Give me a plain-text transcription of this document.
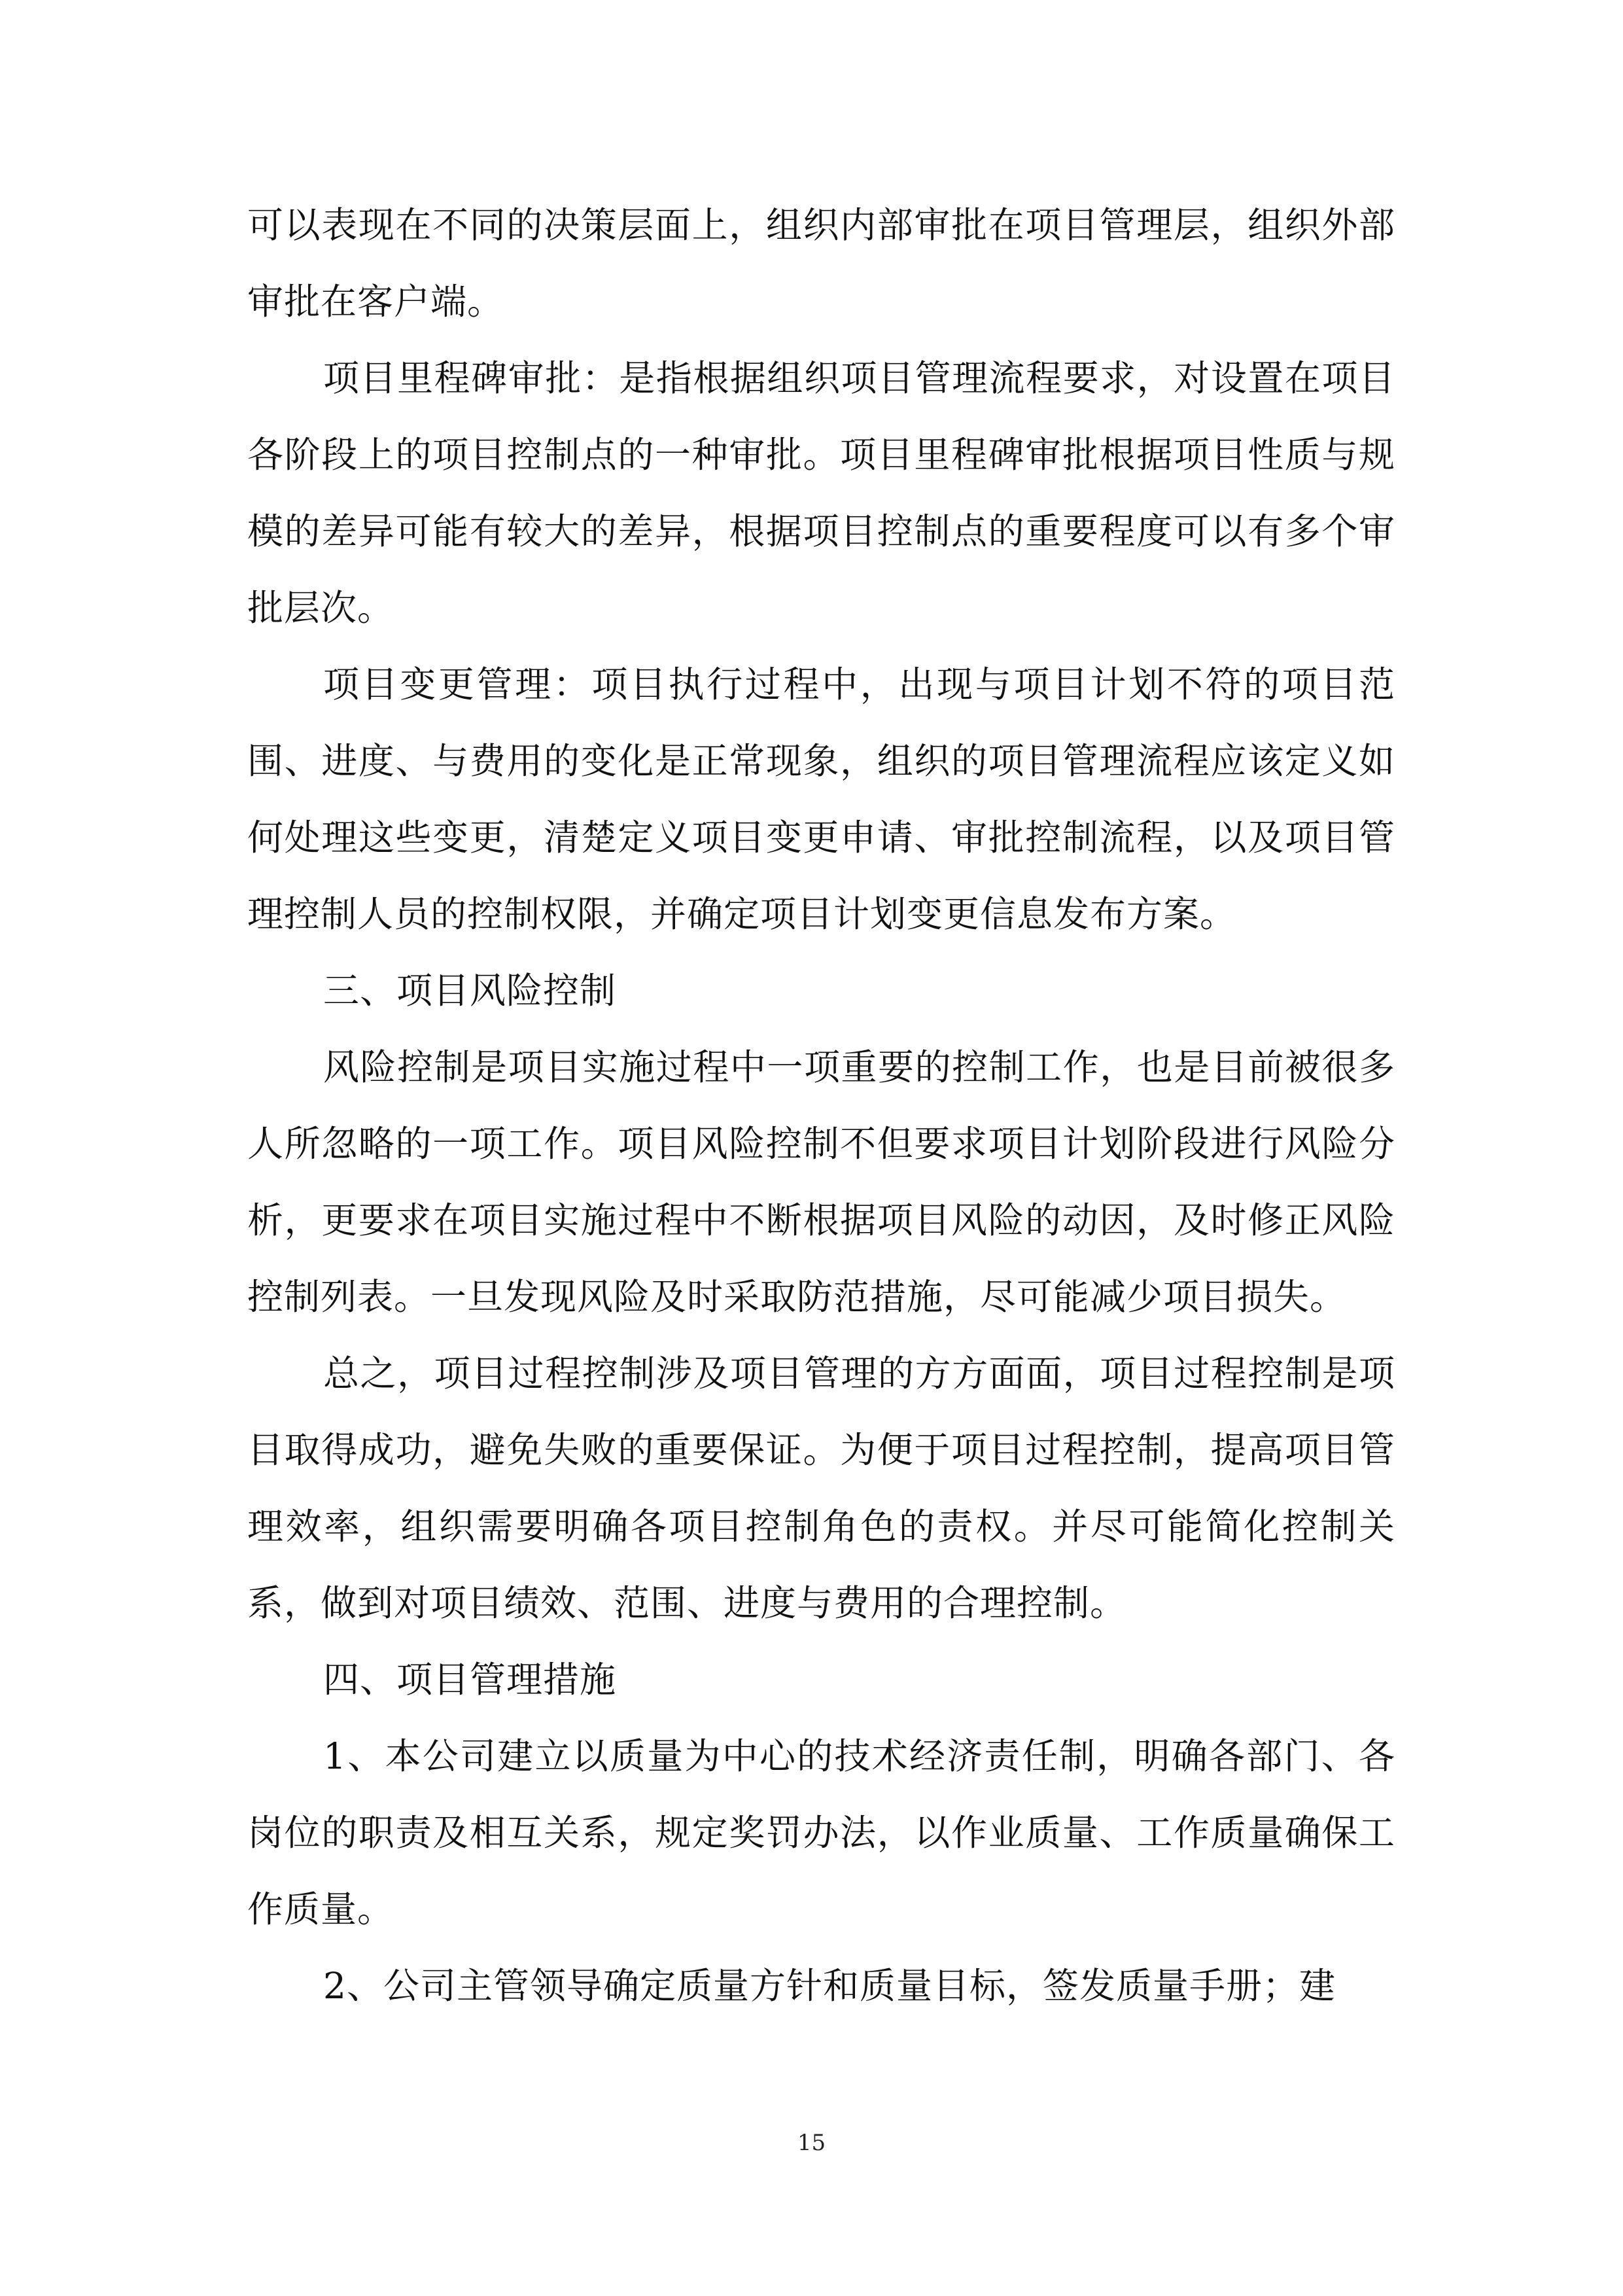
可以表现在不同的决策层面上，组织内部审批在项目管理层，组织外部审批在客户端。

项目里程碑审批：是指根据组织项目管理流程要求，对设置在项目各阶段上的项目控制点的一种审批。项目里程碑审批根据项目性质与规模的差异可能有较大的差异，根据项目控制点的重要程度可以有多个审批层次。

项目变更管理：项目执行过程中，出现与项目计划不符的项目范围、进度、与费用的变化是正常现象，组织的项目管理流程应该定义如何处理这些变更，清楚定义项目变更申请、审批控制流程，以及项目管理控制人员的控制权限，并确定项目计划变更信息发布方案。

三、项目风险控制

风险控制是项目实施过程中一项重要的控制工作，也是目前被很多人所忽略的一项工作。项目风险控制不但要求项目计划阶段进行风险分析，更要求在项目实施过程中不断根据项目风险的动因，及时修正风险控制列表。一旦发现风险及时采取防范措施，尽可能减少项目损失。

总之，项目过程控制涉及项目管理的方方面面，项目过程控制是项目取得成功，避免失败的重要保证。为便于项目过程控制，提高项目管理效率，组织需要明确各项目控制角色的责权。并尽可能简化控制关系，做到对项目绩效、范围、进度与费用的合理控制。

四、项目管理措施

1、本公司建立以质量为中心的技术经济责任制，明确各部门、各岗位的职责及相互关系，规定奖罚办法，以作业质量、工作质量确保工作质量。

2、公司主管领导确定质量方针和质量目标，签发质量手册；建

15
